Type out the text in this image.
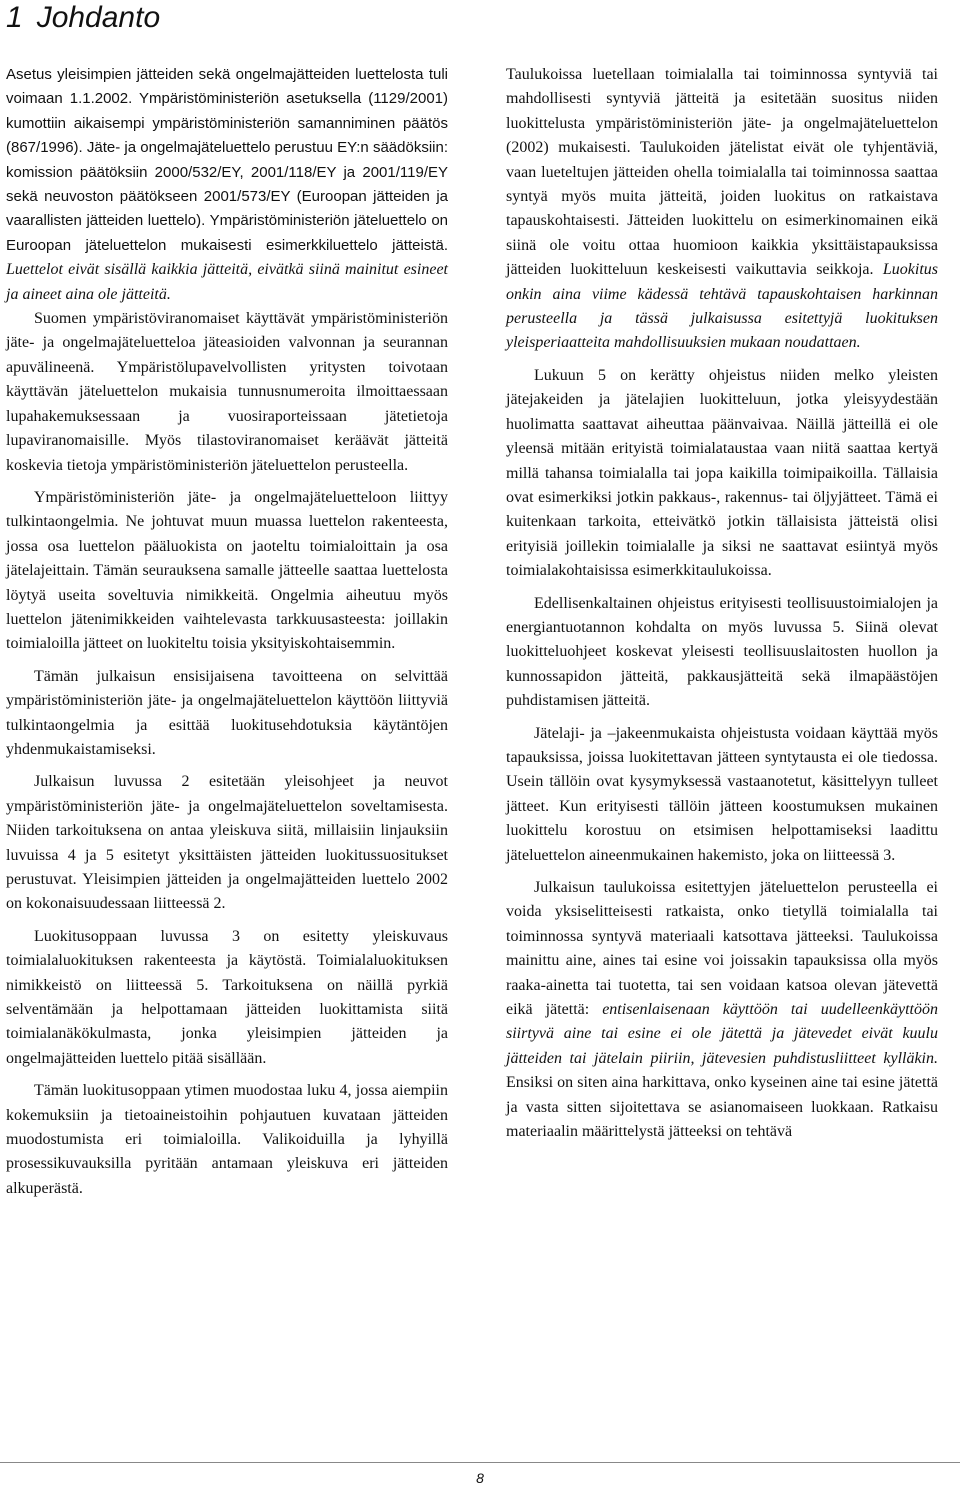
1 Johdanto

Asetus yleisimpien jätteiden sekä ongelmajätteiden luettelosta tuli voimaan 1.1.2002. Ympäristöministeriön asetuksella (1129/2001) kumottiin aikaisempi ympäristöministeriön samanniminen päätös (867/1996). Jäte- ja ongelmajäteluettelo perustuu EY:n säädöksiin: komission päätöksiin 2000/532/EY, 2001/118/EY ja 2001/119/EY sekä neuvoston päätökseen 2001/573/EY (Euroopan jätteiden ja vaarallisten jätteiden luettelo). Ympäristöministeriön jäteluettelo on Euroopan jäteluettelon mukaisesti esimerkkiluettelo jätteistä. Luettelot eivät sisällä kaikkia jätteitä, eivätkä siinä mainitut esineet ja aineet aina ole jätteitä.

Suomen ympäristöviranomaiset käyttävät ympäristöministeriön jäte- ja ongelmajäteluetteloa jäteasioiden valvonnan ja seurannan apuvälineenä. Ympäristölupavelvollisten yritysten toivotaan käyttävän jäteluettelon mukaisia tunnusnumeroita ilmoittaessaan lupahakemuksessaan ja vuosiraporteissaan jätetietoja lupaviranomaisille. Myös tilastoviranomaiset keräävät jätteitä koskevia tietoja ympäristöministeriön jäteluettelon perusteella.

Ympäristöministeriön jäte- ja ongelmajäteluetteloon liittyy tulkintaongelmia. Ne johtuvat muun muassa luettelon rakenteesta, jossa osa luettelon pääluokista on jaoteltu toimialoittain ja osa jätelajeittain. Tämän seurauksena samalle jätteelle saattaa luettelosta löytyä useita soveltuvia nimikkeitä. Ongelmia aiheutuu myös luettelon jätenimikkeiden vaihtelevasta tarkkuusasteesta: joillakin toimialoilla jätteet on luokiteltu toisia yksityiskohtaisemmin.

Tämän julkaisun ensisijaisena tavoitteena on selvittää ympäristöministeriön jäte- ja ongelmajäteluettelon käyttöön liittyviä tulkintaongelmia ja esittää luokitusehdotuksia käytäntöjen yhdenmukaistamiseksi.

Julkaisun luvussa 2 esitetään yleisohjeet ja neuvot ympäristöministeriön jäte- ja ongelmajäteluettelon soveltamisesta. Niiden tarkoituksena on antaa yleiskuva siitä, millaisiin linjauksiin luvuissa 4 ja 5 esitetyt yksittäisten jätteiden luokitussuositukset perustuvat. Yleisimpien jätteiden ja ongelmajätteiden luettelo 2002 on kokonaisuudessaan liitteessä 2.

Luokitusoppaan luvussa 3 on esitetty yleiskuvaus toimialaluokituksen rakenteesta ja käytöstä. Toimialaluokituksen nimikkeistö on liitteessä 5. Tarkoituksena on näillä pyrkiä selventämään ja helpottamaan jätteiden luokittamista siitä toimialanäkökulmasta, jonka yleisimpien jätteiden ja ongelmajätteiden luettelo pitää sisällään.

Tämän luokitusoppaan ytimen muodostaa luku 4, jossa aiempiin kokemuksiin ja tietoaineistoihin pohjautuen kuvataan jätteiden muodostumista eri toimialoilla. Valikoiduilla ja lyhyillä prosessikuvauksilla pyritään antamaan yleiskuva eri jätteiden alkuperästä.

Taulukoissa luetellaan toimialalla tai toiminnossa syntyviä tai mahdollisesti syntyviä jätteitä ja esitetään suositus niiden luokittelusta ympäristöministeriön jäte- ja ongelmajäteluettelon (2002) mukaisesti. Taulukoiden jätelistat eivät ole tyhjentäviä, vaan lueteltujen jätteiden ohella toimialalla tai toiminnossa saattaa syntyä myös muita jätteitä, joiden luokitus on ratkaistava tapauskohtaisesti. Jätteiden luokittelu on esimerkinomainen eikä siinä ole voitu ottaa huomioon kaikkia yksittäistapauksissa jätteiden luokitteluun keskeisesti vaikuttavia seikkoja. Luokitus onkin aina viime kädessä tehtävä tapauskohtaisen harkinnan perusteella ja tässä julkaisussa esitettyjä luokituksen yleisperiaatteita mahdollisuuksien mukaan noudattaen.

Lukuun 5 on kerätty ohjeistus niiden melko yleisten jätejakeiden ja jätelajien luokitteluun, jotka yleisyydestään huolimatta saattavat aiheuttaa päänvaivaa. Näillä jätteillä ei ole yleensä mitään erityistä toimialataustaa vaan niitä saattaa kertyä millä tahansa toimialalla tai jopa kaikilla toimipaikoilla. Tällaisia ovat esimerkiksi jotkin pakkaus-, rakennus- tai öljyjätteet. Tämä ei kuitenkaan tarkoita, etteivätkö jotkin tällaisista jätteistä olisi erityisiä joillekin toimialalle ja siksi ne saattavat esiintyä myös toimialakohtaisissa esimerkkitaulukoissa.

Edellisenkaltainen ohjeistus erityisesti teollisuustoimialojen ja energiantuotannon kohdalta on myös luvussa 5. Siinä olevat luokitteluohjeet koskevat yleisesti teollisuuslaitosten huollon ja kunnossapidon jätteitä, pakkausjätteitä sekä ilmapäästöjen puhdistamisen jätteitä.

Jätelaji- ja –jakeenmukaista ohjeistusta voidaan käyttää myös tapauksissa, joissa luokitettavan jätteen syntytausta ei ole tiedossa. Usein tällöin ovat kysymyksessä vastaanotetut, käsittelyyn tulleet jätteet. Kun erityisesti tällöin jätteen koostumuksen mukainen luokittelu korostuu on etsimisen helpottamiseksi laadittu jäteluettelon aineenmukainen hakemisto, joka on liitteessä 3.

Julkaisun taulukoissa esitettyjen jäteluettelon perusteella ei voida yksiselitteisesti ratkaista, onko tietyllä toimialalla tai toiminnossa syntyvä materiaali katsottava jätteeksi. Taulukoissa mainittu aine, aines tai esine voi joissakin tapauksissa olla myös raaka-ainetta tai tuotetta, tai sen voidaan katsoa olevan jätevettä eikä jätettä: entisenlaisenaan käyttöön tai uudelleenkäyttöön siirtyvä aine tai esine ei ole jätettä ja jätevedet eivät kuulu jätteiden tai jätelain piiriin, jätevesien puhdistusliitteet kylläkin. Ensiksi on siten aina harkittava, onko kyseinen aine tai esine jätettä ja vasta sitten sijoitettava se asianomaiseen luokkaan. Ratkaisu materiaalin määrittelystä jätteeksi on tehtävä

8
